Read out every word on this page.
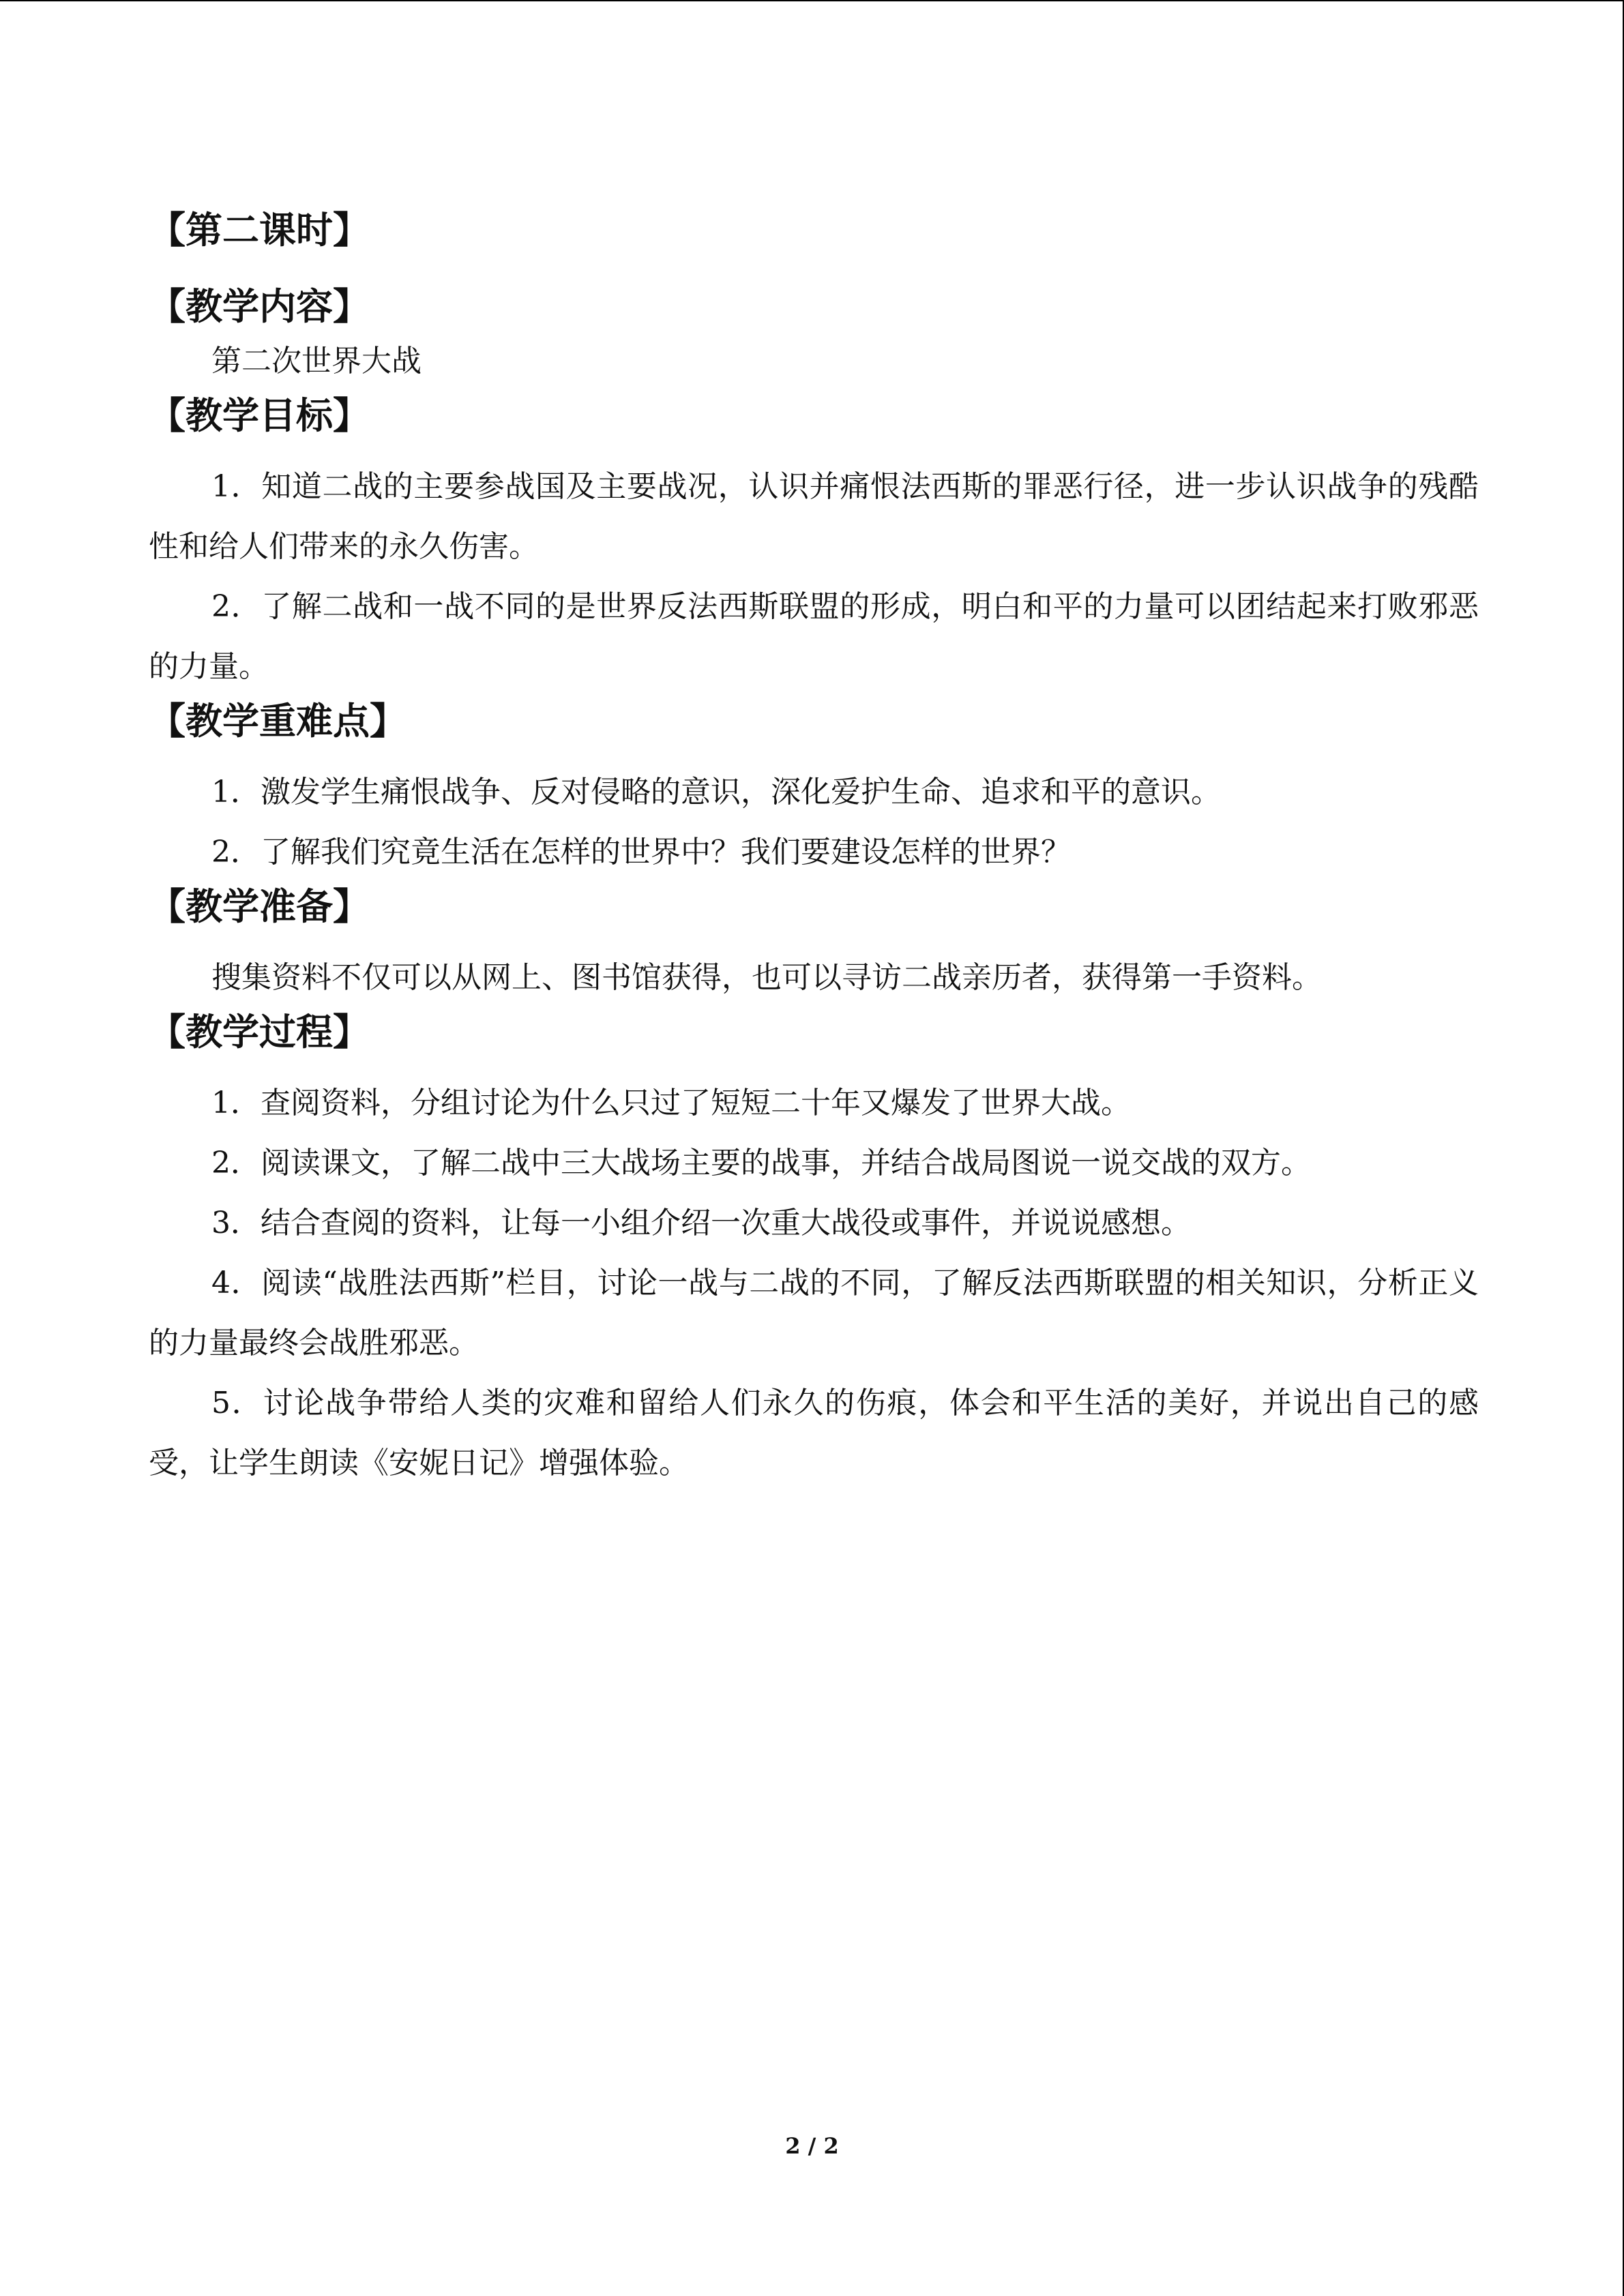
【第二课时】

【教学内容】

第二次世界大战

【教学目标】

1．知道二战的主要参战国及主要战况，认识并痛恨法西斯的罪恶行径，进一步认识战争的残酷性和给人们带来的永久伤害。

2．了解二战和一战不同的是世界反法西斯联盟的形成，明白和平的力量可以团结起来打败邪恶的力量。

【教学重难点】

1．激发学生痛恨战争、反对侵略的意识，深化爱护生命、追求和平的意识。

2．了解我们究竟生活在怎样的世界中？我们要建设怎样的世界？

【教学准备】

搜集资料不仅可以从网上、图书馆获得，也可以寻访二战亲历者，获得第一手资料。

【教学过程】

1．查阅资料，分组讨论为什么只过了短短二十年又爆发了世界大战。

2．阅读课文，了解二战中三大战场主要的战事，并结合战局图说一说交战的双方。

3．结合查阅的资料，让每一小组介绍一次重大战役或事件，并说说感想。

4．阅读“战胜法西斯”栏目，讨论一战与二战的不同，了解反法西斯联盟的相关知识，分析正义的力量最终会战胜邪恶。

5．讨论战争带给人类的灾难和留给人们永久的伤痕，体会和平生活的美好，并说出自己的感受，让学生朗读《安妮日记》增强体验。

2 / 2
